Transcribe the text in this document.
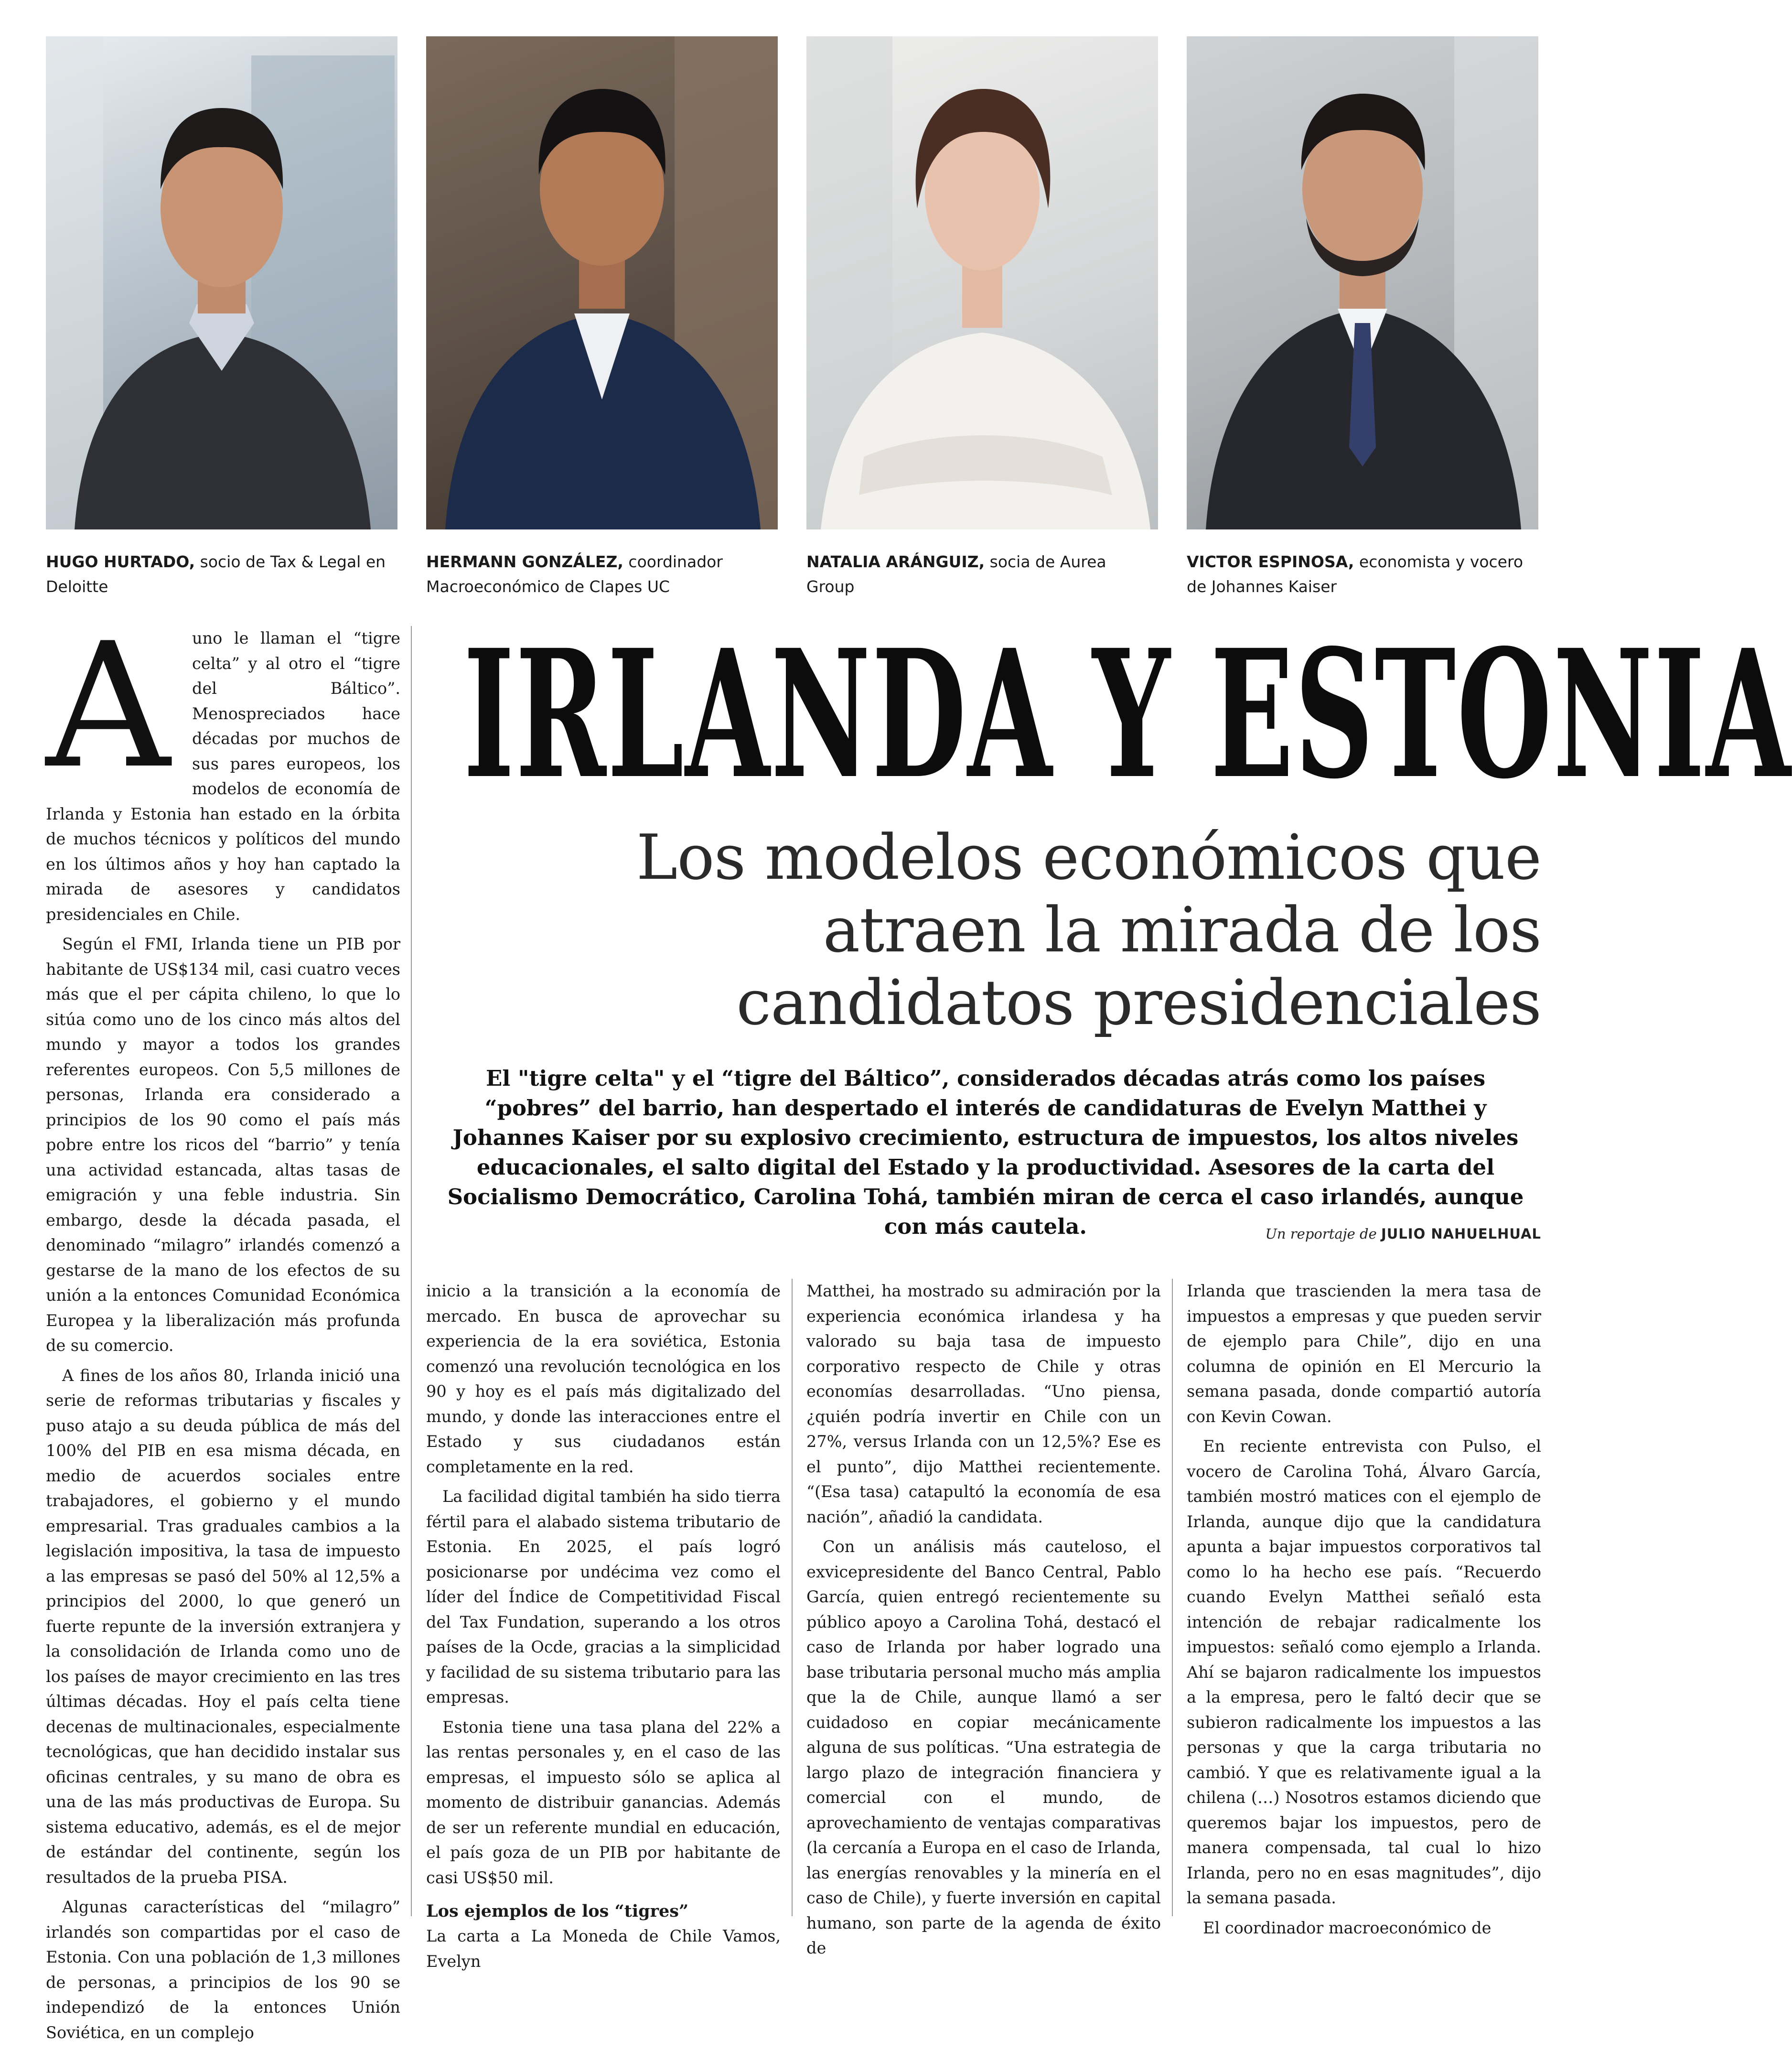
HUGO HURTADO, socio de Tax & Legal en Deloitte
HERMANN GONZÁLEZ, coordinador Macroeconómico de Clapes UC
NATALIA ARÁNGUIZ, socia de Aurea Group
VICTOR ESPINOSA, economista y vocero de Johannes Kaiser
IRLANDA Y ESTONIA
Los modelos económicos que atraen la mirada de los candidatos presidenciales

El "tigre celta" y el “tigre del Báltico”, considerados décadas atrás como los países “pobres” del barrio, han despertado el interés de candidaturas de Evelyn Matthei y Johannes Kaiser por su explosivo crecimiento, estructura de impuestos, los altos niveles educacionales, el salto digital del Estado y la productividad. Asesores de la carta del Socialismo Democrático, Carolina Tohá, también miran de cerca el caso irlandés, aunque con más cautela.	Un reportaje de JULIO NAHUELHUAL
A	uno le llaman el “tigre celta” y al otro el “tigre del Báltico”. Menospreciados hace décadas por muchos de sus pares europeos, los modelos de economía de Irlanda y Estonia han estado en la órbita de muchos técnicos y políticos del mundo en los últimos años y hoy han captado la mirada de asesores y candidatos presidenciales en Chile.

Según el FMI, Irlanda tiene un PIB por habitante de US$134 mil, casi cuatro veces más que el per cápita chileno, lo que lo sitúa como uno de los cinco más altos del mundo y mayor a todos los grandes referentes europeos. Con 5,5 millones de personas, Irlanda era considerado a principios de los 90 como el país más pobre entre los ricos del “barrio” y tenía una actividad estancada, altas tasas de emigración y una feble industria. Sin embargo, desde la década pasada, el denominado “milagro” irlandés comenzó a gestarse de la mano de los efectos de su unión a la entonces Comunidad Económica Europea y la liberalización más profunda de su comercio.

A fines de los años 80, Irlanda inició una serie de reformas tributarias y fiscales y puso atajo a su deuda pública de más del 100% del PIB en esa misma década, en medio de acuerdos sociales entre trabajadores, el gobierno y el mundo empresarial. Tras graduales cambios a la legislación impositiva, la tasa de impuesto a las empresas se pasó del 50% al 12,5% a principios del 2000, lo que generó un fuerte repunte de la inversión extranjera y la consolidación de Irlanda como uno de los países de mayor crecimiento en las tres últimas décadas. Hoy el país celta tiene decenas de multinacionales, especialmente tecnológicas, que han decidido instalar sus oficinas centrales, y su mano de obra es una de las más productivas de Europa. Su sistema educativo, además, es el de mejor de estándar del continente, según los resultados de la prueba PISA.

Algunas características del “milagro” irlandés son compartidas por el caso de Estonia. Con una población de 1,3 millones de personas, a principios de los 90 se independizó de la entonces Unión Soviética, en un complejo

inicio a la transición a la economía de mercado. En busca de aprovechar su experiencia de la era soviética, Estonia comenzó una revolución tecnológica en los 90 y hoy es el país más digitalizado del mundo, y donde las interacciones entre el Estado y sus ciudadanos están completamente en la red.

La facilidad digital también ha sido tierra fértil para el alabado sistema tributario de Estonia. En 2025, el país logró posicionarse por undécima vez como el líder del Índice de Competitividad Fiscal del Tax Fundation, superando a los otros países de la Ocde, gracias a la simplicidad y facilidad de su sistema tributario para las empresas.

Estonia tiene una tasa plana del 22% a las rentas personales y, en el caso de las empresas, el impuesto sólo se aplica al momento de distribuir ganancias. Además de ser un referente mundial en educación, el país goza de un PIB por habitante de casi US$50 mil.

Los ejemplos de los “tigres”

La carta a La Moneda de Chile Vamos, Evelyn

Matthei, ha mostrado su admiración por la experiencia económica irlandesa y ha valorado su baja tasa de impuesto corporativo respecto de Chile y otras economías desarrolladas. “Uno piensa, ¿quién podría invertir en Chile con un 27%, versus Irlanda con un 12,5%? Ese es el punto”, dijo Matthei recientemente. “(Esa tasa) catapultó la economía de esa nación”, añadió la candidata.

Con un análisis más cauteloso, el exvicepresidente del Banco Central, Pablo García, quien entregó recientemente su público apoyo a Carolina Tohá, destacó el caso de Irlanda por haber logrado una base tributaria personal mucho más amplia que la de Chile, aunque llamó a ser cuidadoso en copiar mecánicamente alguna de sus políticas. “Una estrategia de largo plazo de integración financiera y comercial con el mundo, de aprovechamiento de ventajas comparativas (la cercanía a Europa en el caso de Irlanda, las energías renovables y la minería en el caso de Chile), y fuerte inversión en capital humano, son parte de la agenda de éxito de

Irlanda que trascienden la mera tasa de impuestos a empresas y que pueden servir de ejemplo para Chile”, dijo en una columna de opinión en El Mercurio la semana pasada, donde compartió autoría con Kevin Cowan.

En reciente entrevista con Pulso, el vocero de Carolina Tohá, Álvaro García, también mostró matices con el ejemplo de Irlanda, aunque dijo que la candidatura apunta a bajar impuestos corporativos tal como lo ha hecho ese país. “Recuerdo cuando Evelyn Matthei señaló esta intención de rebajar radicalmente los impuestos: señaló como ejemplo a Irlanda. Ahí se bajaron radicalmente los impuestos a la empresa, pero le faltó decir que se subieron radicalmente los impuestos a las personas y que la carga tributaria no cambió. Y que es relativamente igual a la chilena (…) Nosotros estamos diciendo que queremos bajar los impuestos, pero de manera compensada, tal cual lo hizo Irlanda, pero no en esas magnitudes”, dijo la semana pasada.

El coordinador macroeconómico de
